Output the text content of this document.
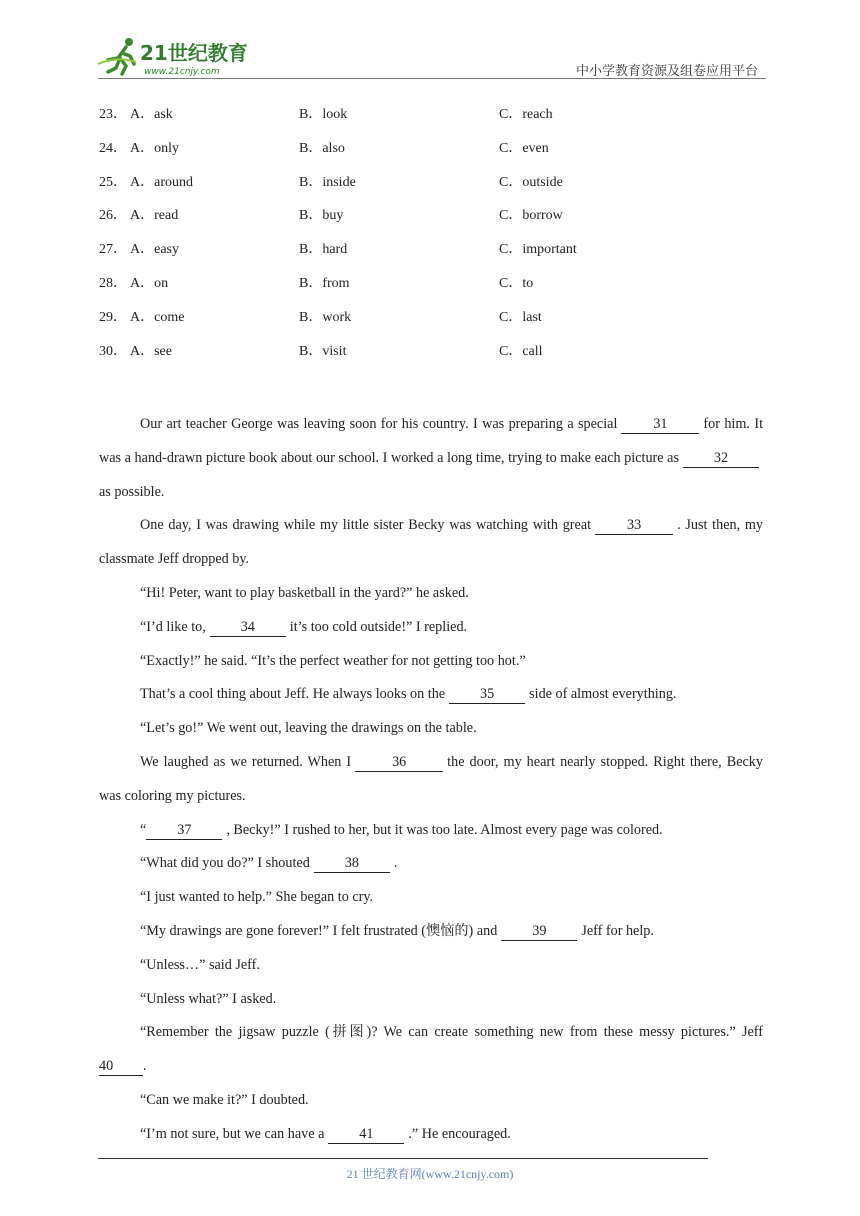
21世纪教育
www.21cnjy.com	中小学教育资源及组卷应用平台
23． A．ask	B．look	C．reach
24． A．only	B．also	C．even
25． A．around	B．inside	C．outside
26． A．read	B．buy	C．borrow
27． A．easy	B．hard	C．important
28． A．on	B．from	C．to
29． A．come	B．work	C．last
30． A．see	B．visit	C．call

Our art teacher George was leaving soon for his country. I was preparing a special	31	for him. It was a hand-drawn picture book about our school. I worked a long time, trying to make each picture as 32as possible.

One day, I was drawing while my little sister Becky was watching with great	33	. Just then, my classmate Jeff dropped by.

“Hi! Peter, want to play basketball in the yard?” he asked.

“I’d like to, 34 it’s too cold outside!” I replied.

“Exactly!” he said. “It’s the perfect weather for not getting too hot.”

That’s a cool thing about Jeff. He always looks on the 35 side of almost everything.

“Let’s go!” We went out, leaving the drawings on the table.

We laughed as we returned. When I	36	the door, my heart nearly stopped. Right there, Becky was coloring my pictures.

“ 37 , Becky!” I rushed to her, but it was too late. Almost every page was colored.

“What did you do?” I shouted 38 .

“I just wanted to help.” She began to cry.

“My drawings are gone forever!” I felt frustrated (懊恼的) and 39 Jeff for help.

“Unless…” said Jeff.

“Unless what?” I asked.

“Remember the jigsaw puzzle (拼图)? We can create something new from these messy pictures.” Jeff 40 .

“Can we make it?” I doubted.

“I’m not sure, but we can have a 41 .” He encouraged.

21 世纪教育网(www.21cnjy.com)
